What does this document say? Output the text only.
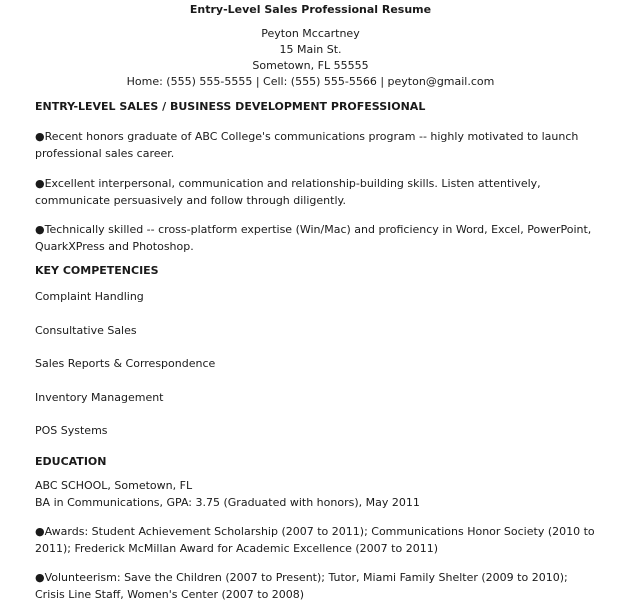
Entry-Level Sales Professional Resume
Peyton Mccartney
15 Main St.
Sometown, FL 55555
Home: (555) 555-5555 | Cell: (555) 555-5566 | peyton@gmail.com
ENTRY-LEVEL SALES / BUSINESS DEVELOPMENT PROFESSIONAL
●Recent honors graduate of ABC College's communications program -- highly motivated to launch professional sales career.
●Excellent interpersonal, communication and relationship-building skills. Listen attentively, communicate persuasively and follow through diligently.
●Technically skilled -- cross-platform expertise (Win/Mac) and proficiency in Word, Excel, PowerPoint, QuarkXPress and Photoshop.
KEY COMPETENCIES
Complaint Handling
Consultative Sales
Sales Reports & Correspondence
Inventory Management
POS Systems
EDUCATION
ABC SCHOOL, Sometown, FL
BA in Communications, GPA: 3.75 (Graduated with honors), May 2011
●Awards: Student Achievement Scholarship (2007 to 2011); Communications Honor Society (2010 to 2011); Frederick McMillan Award for Academic Excellence (2007 to 2011)
●Volunteerism: Save the Children (2007 to Present); Tutor, Miami Family Shelter (2009 to 2010); Crisis Line Staff, Women's Center (2007 to 2008)
